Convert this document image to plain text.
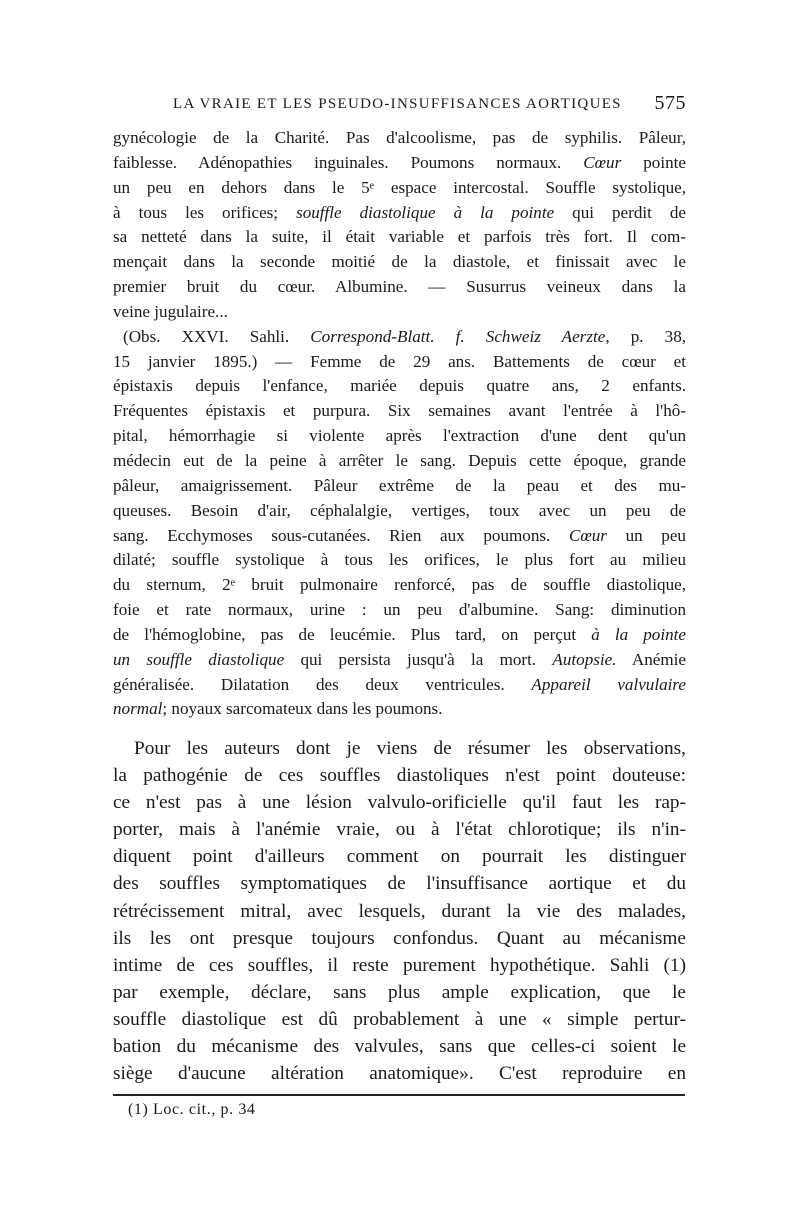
LA VRAIE ET LES PSEUDO-INSUFFISANCES AORTIQUES 575
gynécologie de la Charité. Pas d'alcoolisme, pas de syphilis. Pâleur,
faiblesse. Adénopathies inguinales. Poumons normaux. Cœur pointe
un peu en dehors dans le 5ᵉ espace intercostal. Souffle systolique,
à tous les orifices; souffle diastolique à la pointe qui perdit de
sa netteté dans la suite, il était variable et parfois très fort. Il com-
mençait dans la seconde moitié de la diastole, et finissait avec le
premier bruit du cœur. Albumine. — Susurrus veineux dans la
veine jugulaire...
(Obs. XXVI. Sahli. Correspond-Blatt. f. Schweiz Aerzte, p. 38,
15 janvier 1895.) — Femme de 29 ans. Battements de cœur et
épistaxis depuis l'enfance, mariée depuis quatre ans, 2 enfants.
Fréquentes épistaxis et purpura. Six semaines avant l'entrée à l'hô-
pital, hémorrhagie si violente après l'extraction d'une dent qu'un
médecin eut de la peine à arrêter le sang. Depuis cette époque, grande
pâleur, amaigrissement. Pâleur extrême de la peau et des mu-
queuses. Besoin d'air, céphalalgie, vertiges, toux avec un peu de
sang. Ecchymoses sous-cutanées. Rien aux poumons. Cœur un peu
dilaté; souffle systolique à tous les orifices, le plus fort au milieu
du sternum, 2ᵉ bruit pulmonaire renforcé, pas de souffle diastolique,
foie et rate normaux, urine : un peu d'albumine. Sang: diminution
de l'hémoglobine, pas de leucémie. Plus tard, on perçut à la pointe
un souffle diastolique qui persista jusqu'à la mort. Autopsie. Anémie
généralisée. Dilatation des deux ventricules. Appareil valvulaire
normal; noyaux sarcomateux dans les poumons.
Pour les auteurs dont je viens de résumer les observations,
la pathogénie de ces souffles diastoliques n'est point douteuse:
ce n'est pas à une lésion valvulo-orificielle qu'il faut les rap-
porter, mais à l'anémie vraie, ou à l'état chlorotique; ils n'in-
diquent point d'ailleurs comment on pourrait les distinguer
des souffles symptomatiques de l'insuffisance aortique et du
rétrécissement mitral, avec lesquels, durant la vie des malades,
ils les ont presque toujours confondus. Quant au mécanisme
intime de ces souffles, il reste purement hypothétique. Sahli (1)
par exemple, déclare, sans plus ample explication, que le
souffle diastolique est dû probablement à une « simple pertur-
bation du mécanisme des valvules, sans que celles-ci soient le
siège d'aucune altération anatomique». C'est reproduire en
(1) Loc. cit., p. 34
